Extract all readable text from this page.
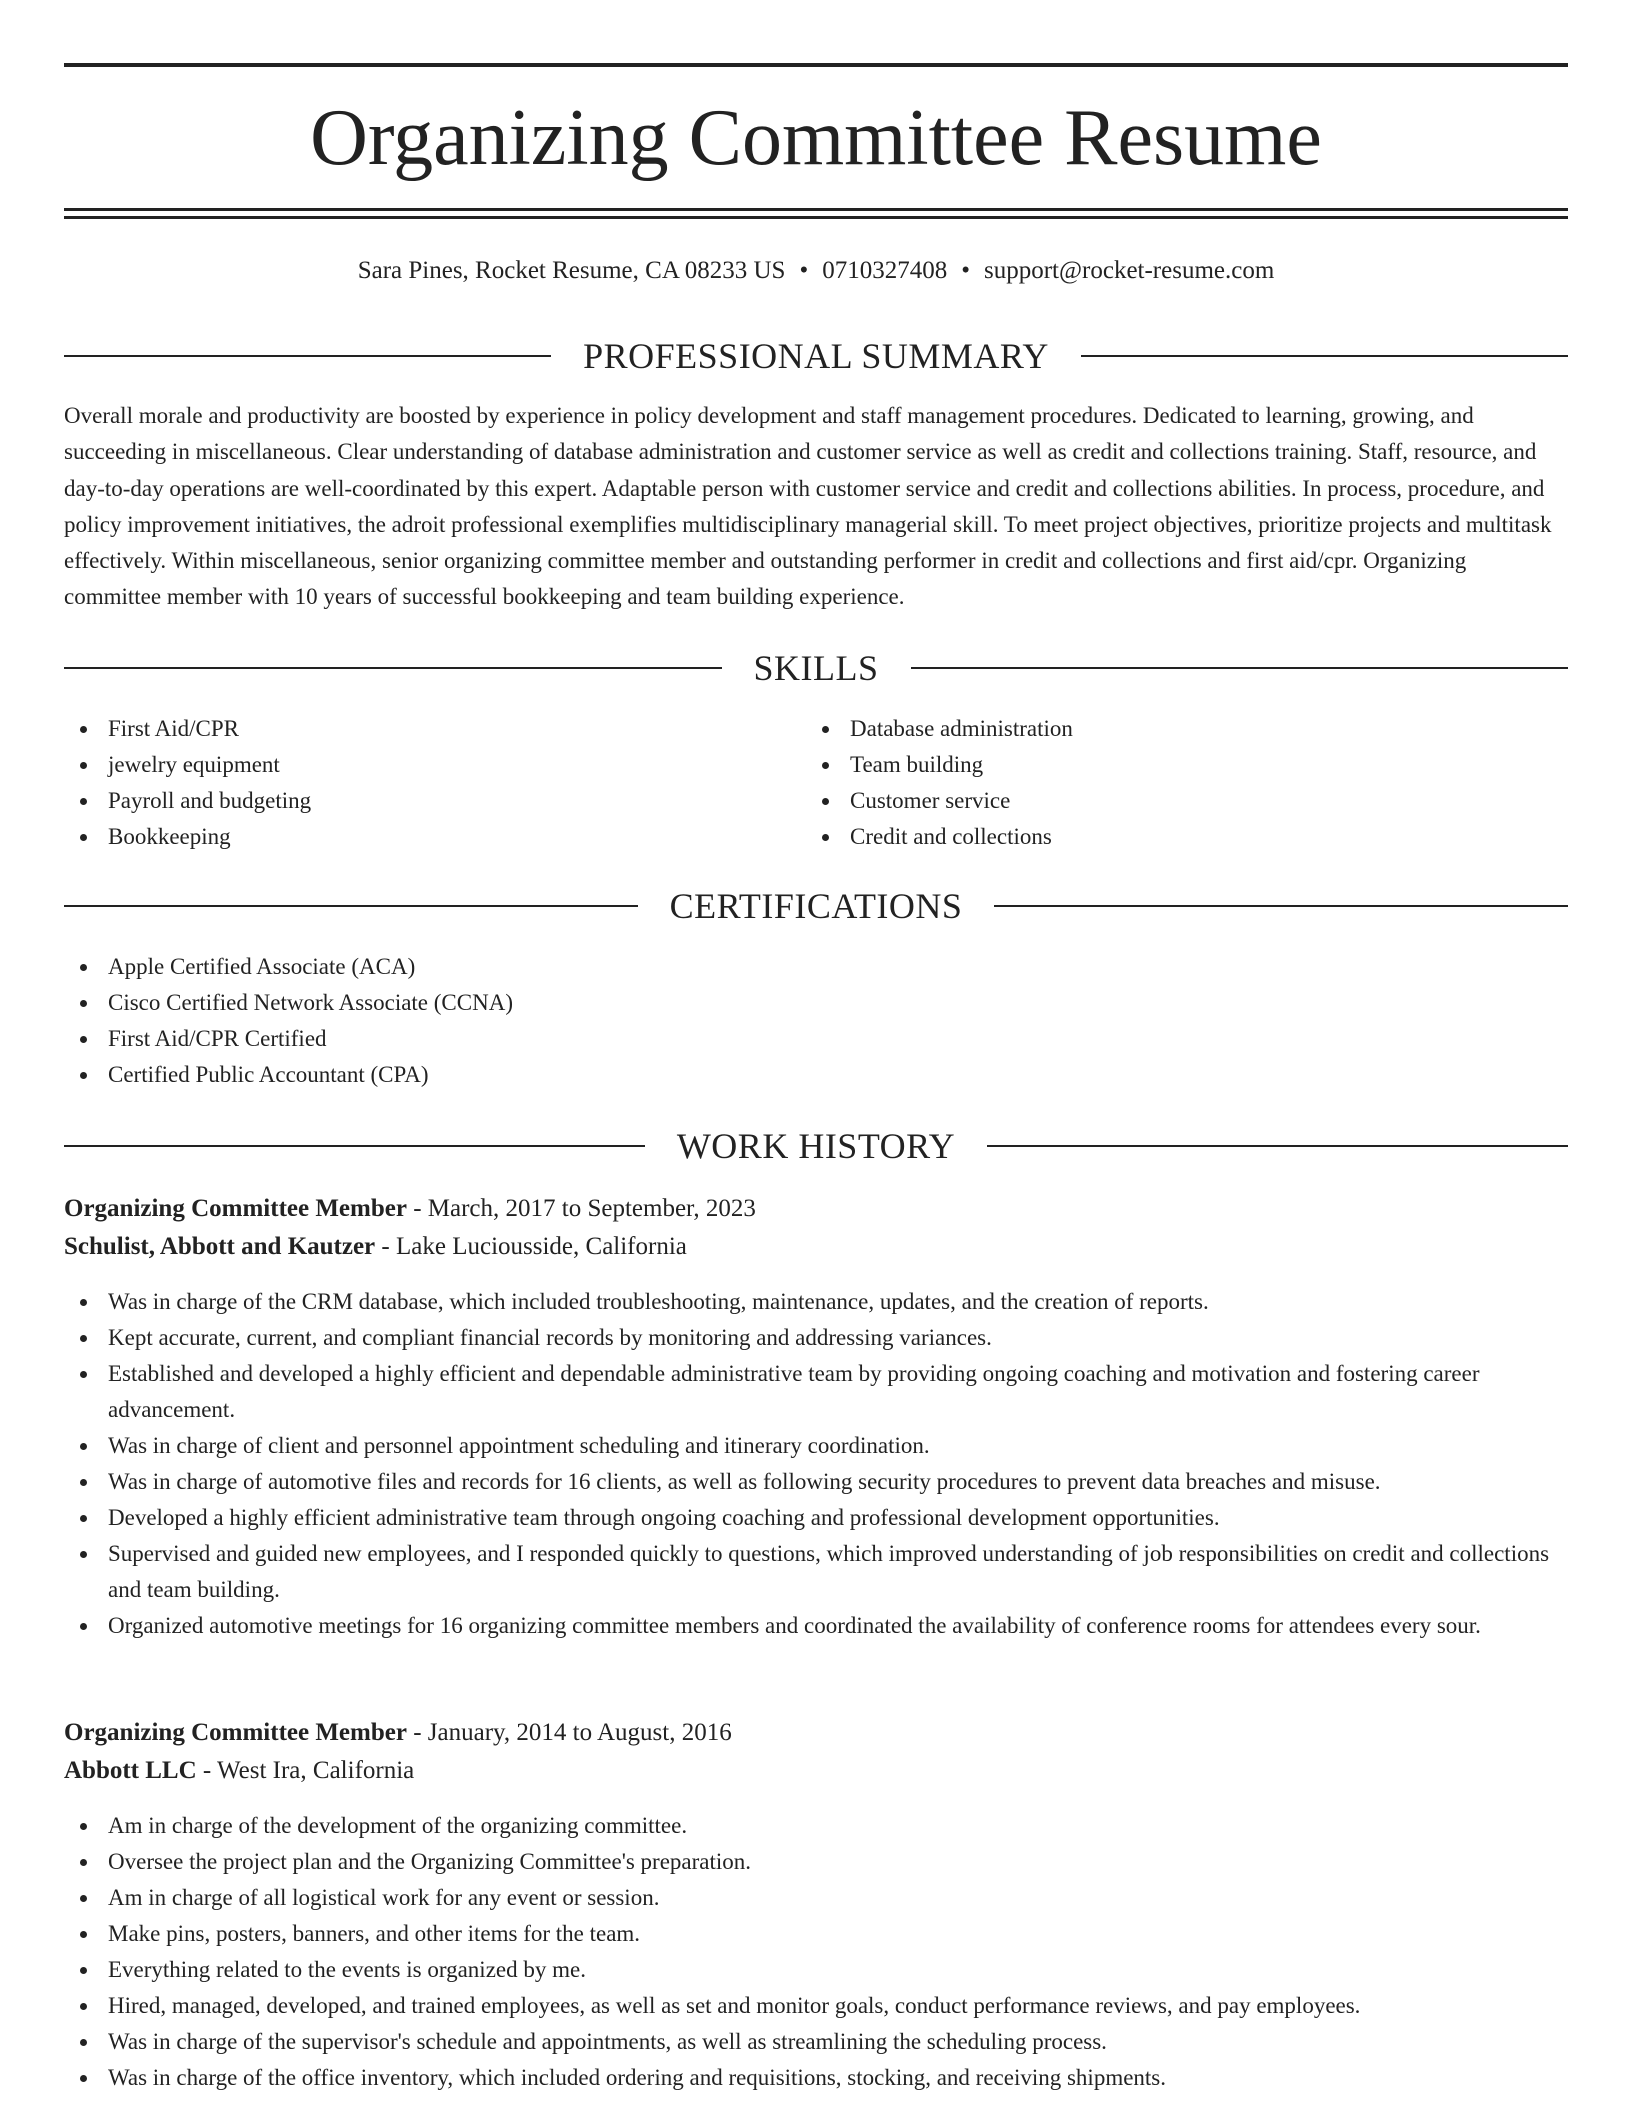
Organizing Committee Resume
Sara Pines, Rocket Resume, CA 08233 US • 0710327408 • support@rocket-resume.com
PROFESSIONAL SUMMARY

Overall morale and productivity are boosted by experience in policy development and staff management procedures. Dedicated to learning, growing, and succeeding in miscellaneous. Clear understanding of database administration and customer service as well as credit and collections training. Staff, resource, and day-to-day operations are well-coordinated by this expert. Adaptable person with customer service and credit and collections abilities. In process, procedure, and policy improvement initiatives, the adroit professional exemplifies multidisciplinary managerial skill. To meet project objectives, prioritize projects and multitask effectively. Within miscellaneous, senior organizing committee member and outstanding performer in credit and collections and first aid/cpr. Organizing committee member with 10 years of successful bookkeeping and team building experience.

SKILLS
First Aid/CPR
jewelry equipment
Payroll and budgeting
Bookkeeping
Database administration
Team building
Customer service
Credit and collections
CERTIFICATIONS
Apple Certified Associate (ACA)
Cisco Certified Network Associate (CCNA)
First Aid/CPR Certified
Certified Public Accountant (CPA)
WORK HISTORY
Organizing Committee Member - March, 2017 to September, 2023
Schulist, Abbott and Kautzer - Lake Luciousside, California
Was in charge of the CRM database, which included troubleshooting, maintenance, updates, and the creation of reports.
Kept accurate, current, and compliant financial records by monitoring and addressing variances.
Established and developed a highly efficient and dependable administrative team by providing ongoing coaching and motivation and fostering career advancement.
Was in charge of client and personnel appointment scheduling and itinerary coordination.
Was in charge of automotive files and records for 16 clients, as well as following security procedures to prevent data breaches and misuse.
Developed a highly efficient administrative team through ongoing coaching and professional development opportunities.
Supervised and guided new employees, and I responded quickly to questions, which improved understanding of job responsibilities on credit and collections and team building.
Organized automotive meetings for 16 organizing committee members and coordinated the availability of conference rooms for attendees every sour.
Organizing Committee Member - January, 2014 to August, 2016
Abbott LLC - West Ira, California
Am in charge of the development of the organizing committee.
Oversee the project plan and the Organizing Committee's preparation.
Am in charge of all logistical work for any event or session.
Make pins, posters, banners, and other items for the team.
Everything related to the events is organized by me.
Hired, managed, developed, and trained employees, as well as set and monitor goals, conduct performance reviews, and pay employees.
Was in charge of the supervisor's schedule and appointments, as well as streamlining the scheduling process.
Was in charge of the office inventory, which included ordering and requisitions, stocking, and receiving shipments.
